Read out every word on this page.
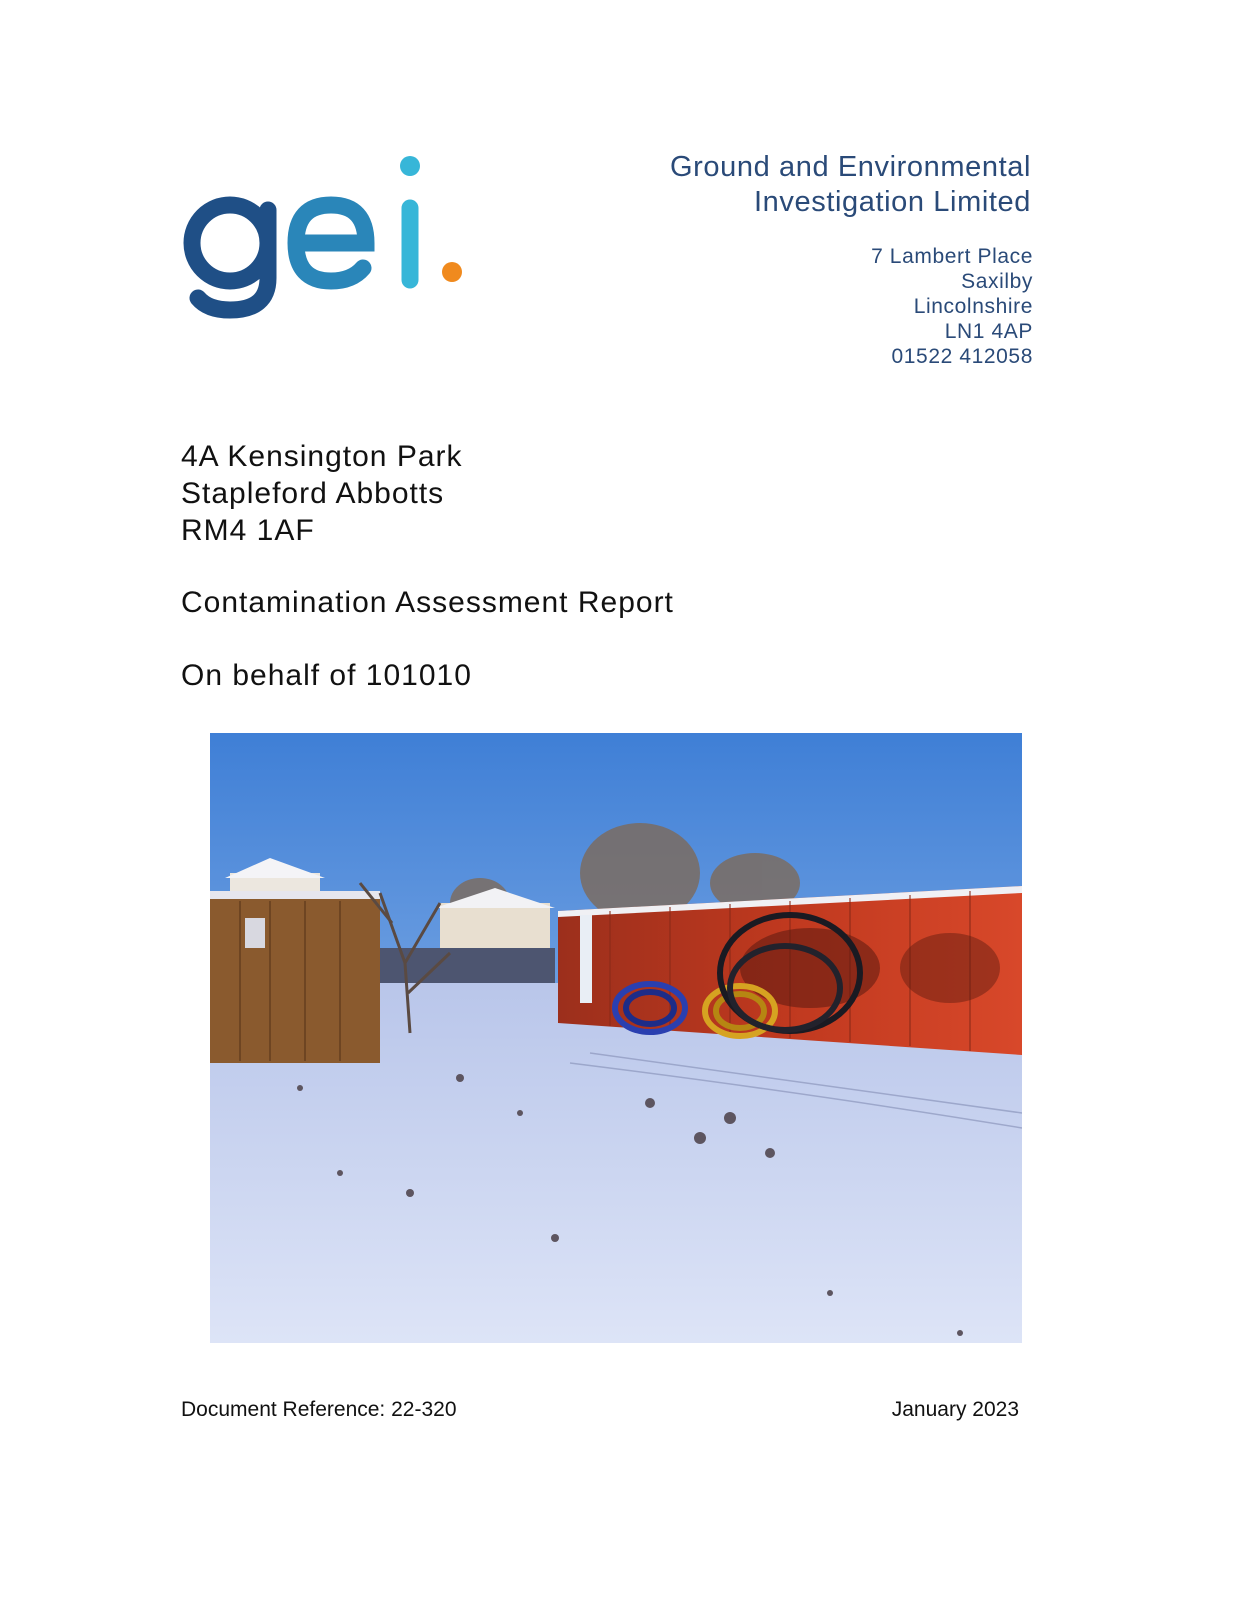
Ground and Environmental
Investigation Limited
7 Lambert Place
Saxilby
Lincolnshire
LN1 4AP
01522 412058
4A Kensington Park
Stapleford Abbotts
RM4 1AF
Contamination Assessment Report
On behalf of 101010
Document Reference: 22-320	January 2023
